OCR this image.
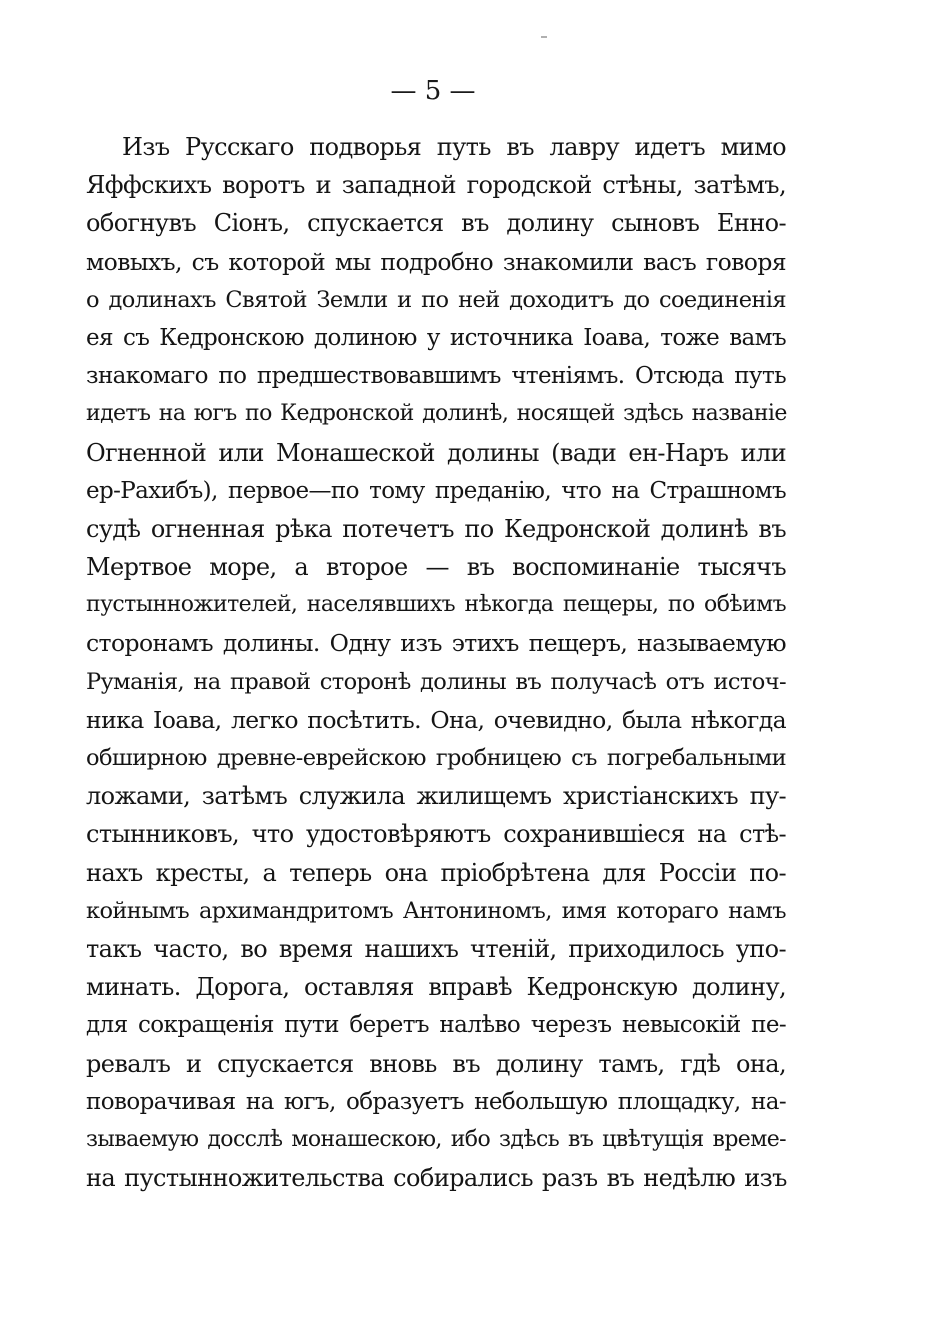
— 5 —
Изъ Русскаго подворья путь въ лавру идетъ мимо
Яффскихъ воротъ и западной городской стѣны, затѣмъ,
обогнувъ Сіонъ, спускается въ долину сыновъ Енно-
мовыхъ, съ которой мы подробно знакомили васъ говоря
о долинахъ Святой Земли и по ней доходитъ до соединенія
ея съ Кедронскою долиною у источника Іоава, тоже вамъ
знакомаго по предшествовавшимъ чтеніямъ. Отсюда путь
идетъ на югъ по Кедронской долинѣ, носящей здѣсь названіе
Огненной или Монашеской долины (вади ен-Наръ или
ер-Рахибъ), первое—по тому преданію, что на Страшномъ
судѣ огненная рѣка потечетъ по Кедронской долинѣ въ
Мертвое море, а второе — въ воспоминаніе тысячъ
пустынножителей, населявшихъ нѣкогда пещеры, по обѣимъ
сторонамъ долины. Одну изъ этихъ пещеръ, называемую
Руманія, на правой сторонѣ долины въ получасѣ отъ источ-
ника Іоава, легко посѣтить. Она, очевидно, была нѣкогда
обширною древне-еврейскою гробницею съ погребальными
ложами, затѣмъ служила жилищемъ христіанскихъ пу-
стынниковъ, что удостовѣряютъ сохранившіеся на стѣ-
нахъ кресты, а теперь она пріобрѣтена для Россіи по-
койнымъ архимандритомъ Антониномъ, имя котораго намъ
такъ часто, во время нашихъ чтеній, приходилось упо-
минать. Дорога, оставляя вправѣ Кедронскую долину,
для сокращенія пути беретъ налѣво черезъ невысокій пе-
ревалъ и спускается вновь въ долину тамъ, гдѣ она,
поворачивая на югъ, образуетъ небольшую площадку, на-
зываемую досслѣ монашескою, ибо здѣсь въ цвѣтущія време-
на пустынножительства собирались разъ въ недѣлю изъ
